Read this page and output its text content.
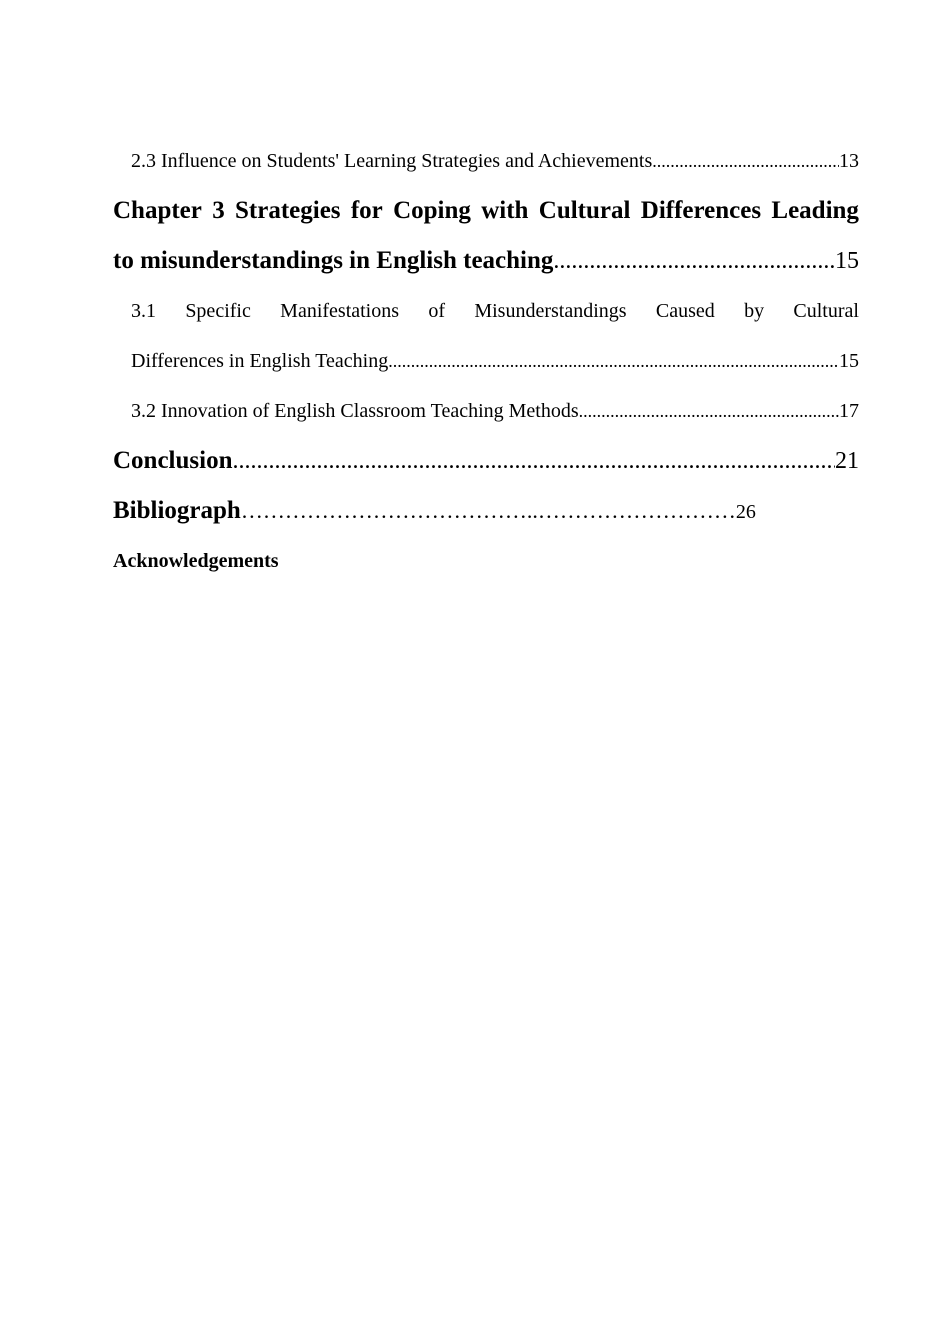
2.3 Influence on Students' Learning Strategies and Achievements .....	13
Chapter 3 Strategies for Coping with Cultural Differences Leading
to misunderstandings in English teaching .....	15
3.1 Specific Manifestations of Misunderstandings Caused by Cultural
Differences in English Teaching .....	15
3.2 Innovation of English Classroom Teaching Methods .....	17
Conclusion .....	21
Bibliograph …………………………………..………………………	26
Acknowledgements
